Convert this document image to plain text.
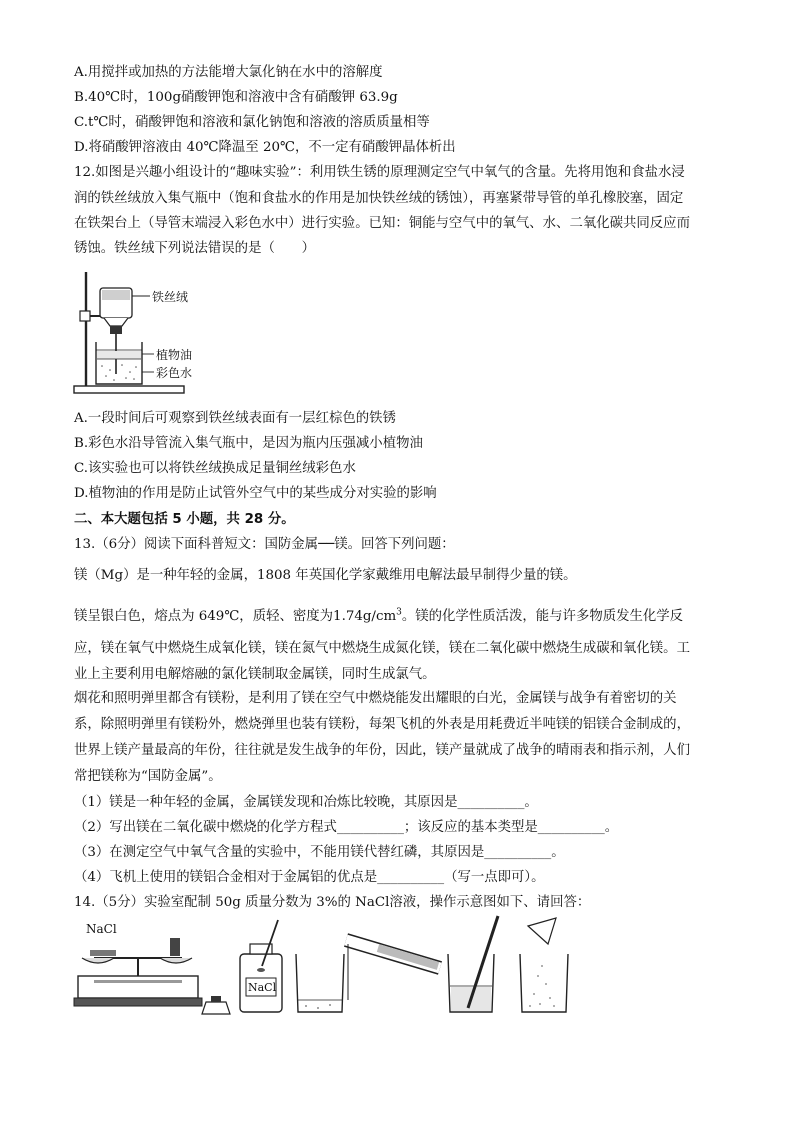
A.用搅拌或加热的方法能增大氯化钠在水中的溶解度
B.40℃时，100g硝酸钾饱和溶液中含有硝酸钾 63.9g
C.t℃时，硝酸钾饱和溶液和氯化钠饱和溶液的溶质质量相等
D.将硝酸钾溶液由 40℃降温至 20℃，不一定有硝酸钾晶体析出
12.如图是兴趣小组设计的“趣味实验”：利用铁生锈的原理测定空气中氧气的含量。先将用饱和食盐水浸
润的铁丝绒放入集气瓶中（饱和食盐水的作用是加快铁丝绒的锈蚀），再塞紧带导管的单孔橡胶塞，固定
在铁架台上（导管末端浸入彩色水中）进行实验。已知：铜能与空气中的氧气、水、二氧化碳共同反应而
锈蚀。铁丝绒下列说法错误的是（　　）
铁丝绒
植物油
彩色水
A.一段时间后可观察到铁丝绒表面有一层红棕色的铁锈
B.彩色水沿导管流入集气瓶中，是因为瓶内压强减小植物油
C.该实验也可以将铁丝绒换成足量铜丝绒彩色水
D.植物油的作用是防止试管外空气中的某些成分对实验的影响
二、本大题包括 5 小题，共 28 分。
13.（6分）阅读下面科普短文：国防金属──镁。回答下列问题：
镁（Mg）是一种年轻的金属，1808 年英国化学家戴维用电解法最早制得少量的镁。
镁呈银白色，熔点为 649℃，质轻、密度为$1.74g/cm^3$。镁的化学性质活泼，能与许多物质发生化学反
应，镁在氧气中燃烧生成氧化镁，镁在氮气中燃烧生成氮化镁，镁在二氧化碳中燃烧生成碳和氧化镁。工
业上主要利用电解熔融的氯化镁制取金属镁，同时生成氯气。
烟花和照明弹里都含有镁粉，是利用了镁在空气中燃烧能发出耀眼的白光，金属镁与战争有着密切的关
系，除照明弹里有镁粉外，燃烧弹里也装有镁粉，每架飞机的外表是用耗费近半吨镁的铝镁合金制成的，
世界上镁产量最高的年份，往往就是发生战争的年份，因此，镁产量就成了战争的晴雨表和指示剂，人们
常把镁称为“国防金属”。
（1）镁是一种年轻的金属，金属镁发现和冶炼比较晚，其原因是__________。
（2）写出镁在二氧化碳中燃烧的化学方程式__________；该反应的基本类型是__________。
（3）在测定空气中氧气含量的实验中，不能用镁代替红磷，其原因是__________。
（4）飞机上使用的镁铝合金相对于金属铝的优点是__________（写一点即可）。
14.（5分）实验室配制 50g 质量分数为 3%的 NaCl溶液，操作示意图如下、请回答：
NaCl
NaCl
